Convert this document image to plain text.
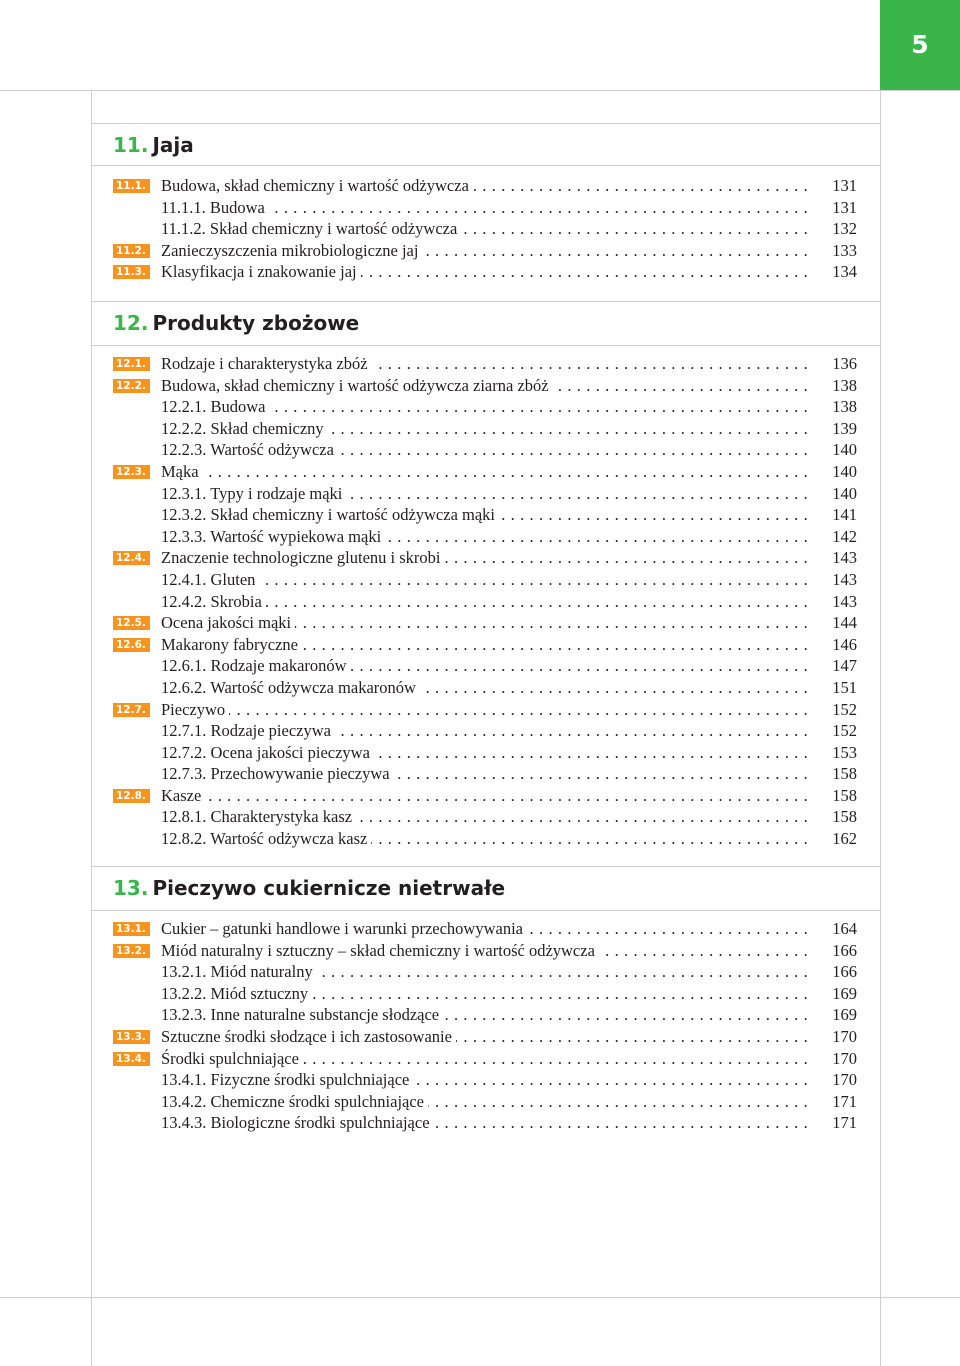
5
11. Jaja
12. Produkty zbożowe
13. Pieczywo cukiernicze nietrwałe
11.1. Budowa, skład chemiczny i wartość odżywcza . . .	131
11.1.1. Budowa . . .	131
11.1.2. Skład chemiczny i wartość odżywcza . . .	132
11.2. Zanieczyszczenia mikrobiologiczne jaj . . .	133
11.3. Klasyfikacja i znakowanie jaj . . .	134
12.1. Rodzaje i charakterystyka zbóż . . .	136
12.2. Budowa, skład chemiczny i wartość odżywcza ziarna zbóż . . .	138
12.2.1. Budowa . . .	138
12.2.2. Skład chemiczny . . .	139
12.2.3. Wartość odżywcza . . .	140
12.3. Mąka . . .	140
12.3.1. Typy i rodzaje mąki . . .	140
12.3.2. Skład chemiczny i wartość odżywcza mąki . . .	141
12.3.3. Wartość wypiekowa mąki . . .	142
12.4. Znaczenie technologiczne glutenu i skrobi . . .	143
12.4.1. Gluten . . .	143
12.4.2. Skrobia . . .	143
12.5. Ocena jakości mąki . . .	144
12.6. Makarony fabryczne . . .	146
12.6.1. Rodzaje makaronów . . .	147
12.6.2. Wartość odżywcza makaronów . . .	151
12.7. Pieczywo . . .	152
12.7.1. Rodzaje pieczywa . . .	152
12.7.2. Ocena jakości pieczywa . . .	153
12.7.3. Przechowywanie pieczywa . . .	158
12.8. Kasze . . .	158
12.8.1. Charakterystyka kasz . . .	158
12.8.2. Wartość odżywcza kasz . . .	162
13.1. Cukier – gatunki handlowe i warunki przechowywania . . .	164
13.2. Miód naturalny i sztuczny – skład chemiczny i wartość odżywcza . . .	166
13.2.1. Miód naturalny . . .	166
13.2.2. Miód sztuczny . . .	169
13.2.3. Inne naturalne substancje słodzące . . .	169
13.3. Sztuczne środki słodzące i ich zastosowanie . . .	170
13.4. Środki spulchniające . . .	170
13.4.1. Fizyczne środki spulchniające . . .	170
13.4.2. Chemiczne środki spulchniające . . .	171
13.4.3. Biologiczne środki spulchniające . . .	171
